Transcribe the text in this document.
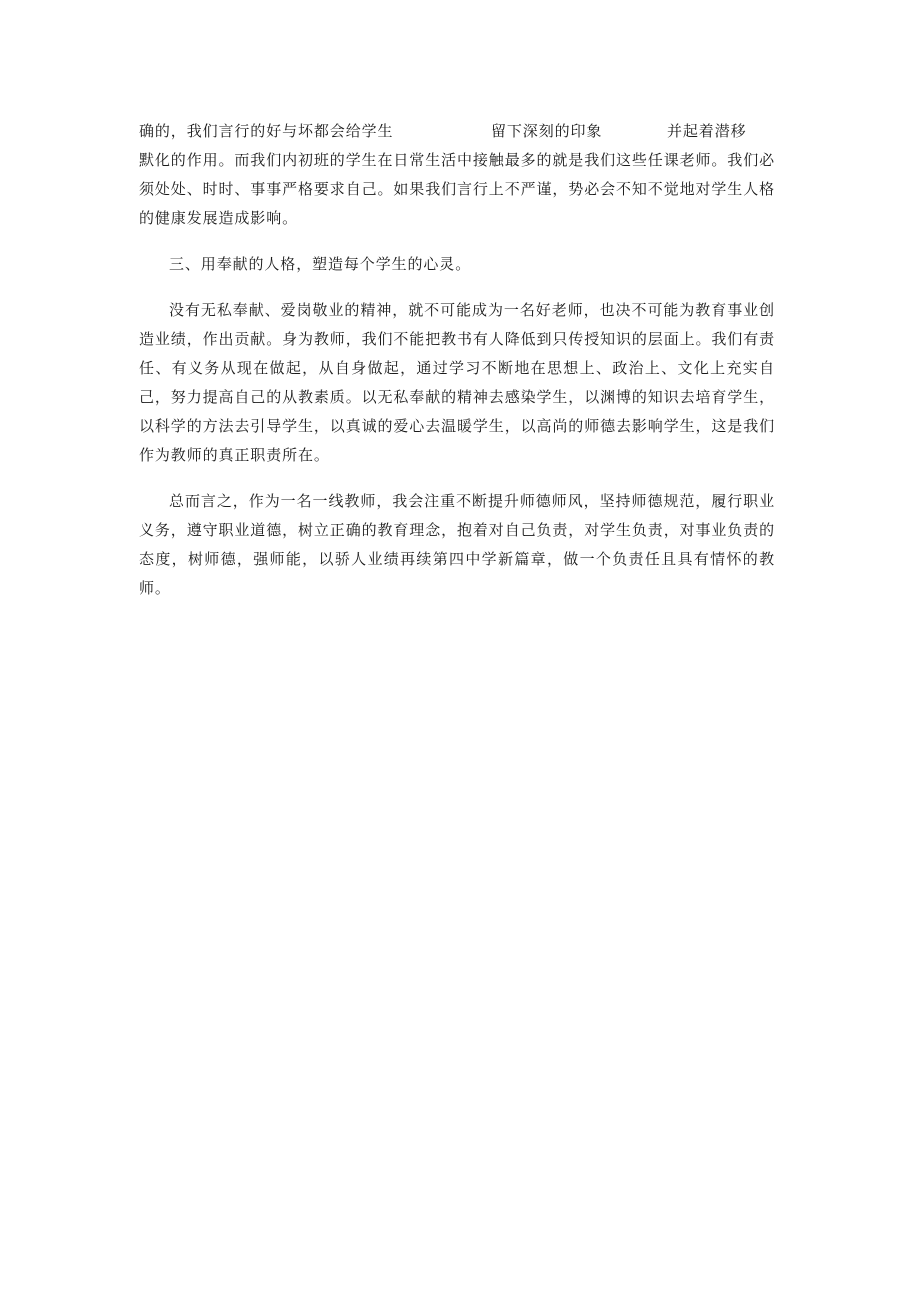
确的，我们言行的好与坏都会给学生	留下深刻的印象	并起着潜移

默化的作用。而我们内初班的学生在日常生活中接触最多的就是我们这些任课老师。我们必须处处、时时、事事严格要求自己。如果我们言行上不严谨，势必会不知不觉地对学生人格的健康发展造成影响。

三、用奉献的人格，塑造每个学生的心灵。

没有无私奉献、爱岗敬业的精神，就不可能成为一名好老师，也决不可能为教育事业创造业绩，作出贡献。身为教师，我们不能把教书有人降低到只传授知识的层面上。我们有责任、有义务从现在做起，从自身做起，通过学习不断地在思想上、政治上、文化上充实自己，努力提高自己的从教素质。以无私奉献的精神去感染学生，以渊博的知识去培育学生，以科学的方法去引导学生，以真诚的爱心去温暖学生，以高尚的师德去影响学生，这是我们作为教师的真正职责所在。

总而言之，作为一名一线教师，我会注重不断提升师德师风，坚持师德规范，履行职业义务，遵守职业道德，树立正确的教育理念，抱着对自己负责，对学生负责，对事业负责的态度，树师德，强师能，以骄人业绩再续第四中学新篇章，做一个负责任且具有情怀的教师。
